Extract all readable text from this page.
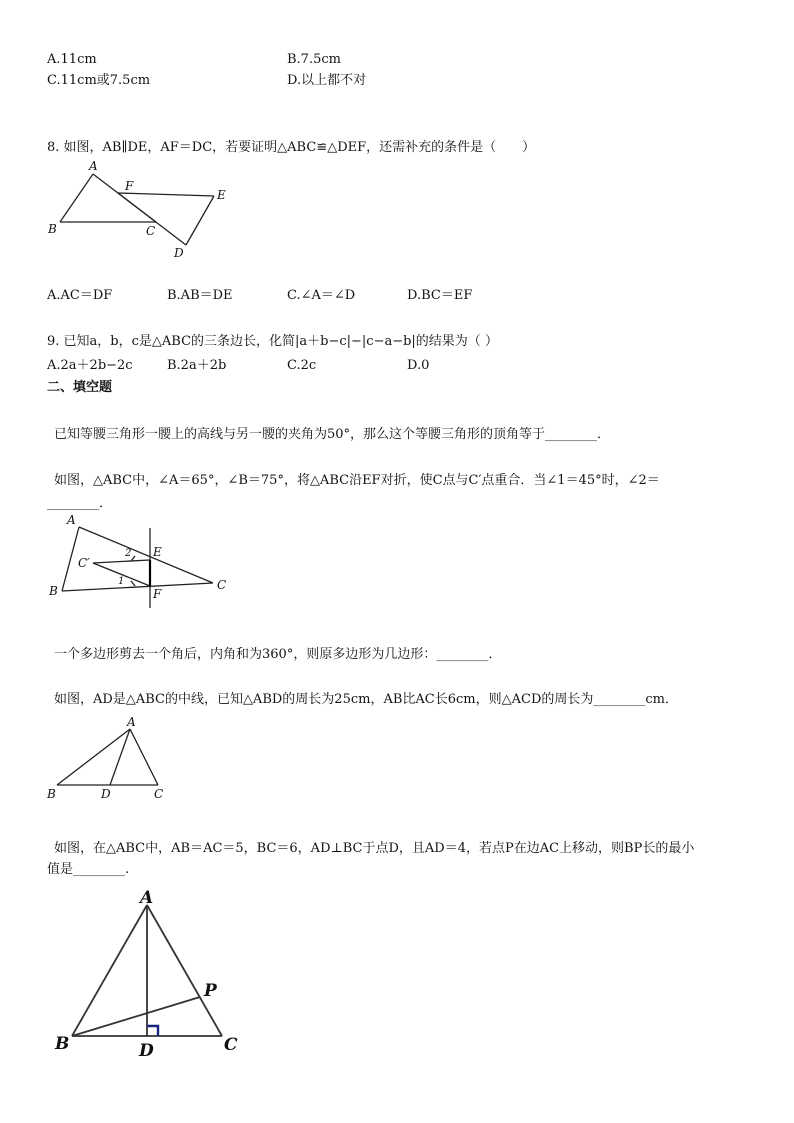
A.11cm	B.7.5cm
C.11cm或7.5cm	D.以上都不对
8. 如图，AB∥DE，AF＝DC，若要证明△ABC≌△DEF，还需补充的条件是（　　）
A
F
E
B	C
D
A.AC＝DF	B.AB＝DE	C.∠A＝∠D	D.BC＝EF
9. 已知a，b，c是△ABC的三条边长，化简|a＋b−c|−|c−a−b|的结果为（ ）
A.2a＋2b−2c	B.2a＋2b	C.2c	D.0
二、填空题
已知等腰三角形一腰上的高线与另一腰的夹角为50°，那么这个等腰三角形的顶角等于________．
如图，△ABC中，∠A＝65°，∠B＝75°，将△ABC沿EF对折，使C点与C′点重合．当∠1＝45°时，∠2＝
________．
A
B	C
C′
E
F
1
2
一个多边形剪去一个角后，内角和为360°，则原多边形为几边形：________．
如图，AD是△ABC的中线，已知△ABD的周长为25cm，AB比AC长6cm，则△ACD的周长为________cm．
A
B	D	C
如图，在△ABC中，AB＝AC＝5，BC＝6，AD⊥BC于点D，且AD＝4，若点P在边AC上移动，则BP长的最小
值是________.
A
B	C
D
P
